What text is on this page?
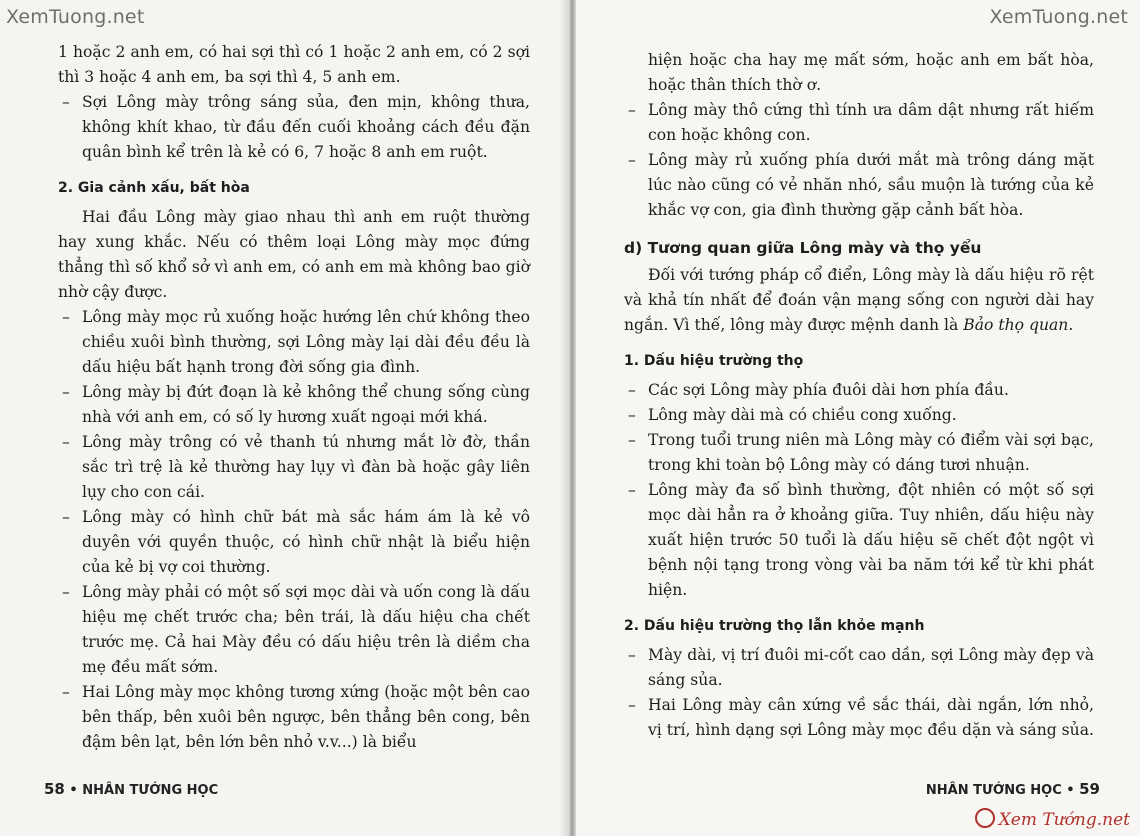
XemTuong.net

1 hoặc 2 anh em, có hai sợi thì có 1 hoặc 2 anh em, có 2 sợi thì 3 hoặc 4 anh em, ba sợi thì 4, 5 anh em.

– Sợi Lông mày trông sáng sủa, đen mịn, không thưa, không khít khao, từ đầu đến cuối khoảng cách đều đặn quân bình kể trên là kẻ có 6, 7 hoặc 8 anh em ruột.

2. Gia cảnh xấu, bất hòa

Hai đầu Lông mày giao nhau thì anh em ruột thường hay xung khắc. Nếu có thêm loại Lông mày mọc đứng thẳng thì số khổ sở vì anh em, có anh em mà không bao giờ nhờ cậy được.

– Lông mày mọc rủ xuống hoặc hướng lên chứ không theo chiều xuôi bình thường, sợi Lông mày lại dài đều đều là dấu hiệu bất hạnh trong đời sống gia đình.

– Lông mày bị đứt đoạn là kẻ không thể chung sống cùng nhà với anh em, có số ly hương xuất ngoại mới khá.

– Lông mày trông có vẻ thanh tú nhưng mắt lờ đờ, thần sắc trì trệ là kẻ thường hay lụy vì đàn bà hoặc gây liên lụy cho con cái.

– Lông mày có hình chữ bát mà sắc hám ám là kẻ vô duyên với quyền thuộc, có hình chữ nhật là biểu hiện của kẻ bị vợ coi thường.

– Lông mày phải có một số sợi mọc dài và uốn cong là dấu hiệu mẹ chết trước cha; bên trái, là dấu hiệu cha chết trước mẹ. Cả hai Mày đều có dấu hiệu trên là diềm cha mẹ đều mất sớm.

– Hai Lông mày mọc không tương xứng (hoặc một bên cao bên thấp, bên xuôi bên ngược, bên thẳng bên cong, bên đậm bên lạt, bên lớn bên nhỏ v.v...) là biểu

58 • NHÂN TƯỚNG HỌC
XemTuong.net

hiện hoặc cha hay mẹ mất sớm, hoặc anh em bất hòa, hoặc thân thích thờ ơ.

– Lông mày thô cứng thì tính ưa dâm dật nhưng rất hiếm con hoặc không con.

– Lông mày rủ xuống phía dưới mắt mà trông dáng mặt lúc nào cũng có vẻ nhăn nhó, sầu muộn là tướng của kẻ khắc vợ con, gia đình thường gặp cảnh bất hòa.

d) Tương quan giữa Lông mày và thọ yểu

Đối với tướng pháp cổ điển, Lông mày là dấu hiệu rõ rệt và khả tín nhất để đoán vận mạng sống con người dài hay ngắn. Vì thế, lông mày được mệnh danh là Bảo thọ quan.

1. Dấu hiệu trường thọ

– Các sợi Lông mày phía đuôi dài hơn phía đầu.

– Lông mày dài mà có chiều cong xuống.

– Trong tuổi trung niên mà Lông mày có điểm vài sợi bạc, trong khi toàn bộ Lông mày có dáng tươi nhuận.

– Lông mày đa số bình thường, đột nhiên có một số sợi mọc dài hẳn ra ở khoảng giữa. Tuy nhiên, dấu hiệu này xuất hiện trước 50 tuổi là dấu hiệu sẽ chết đột ngột vì bệnh nội tạng trong vòng vài ba năm tới kể từ khi phát hiện.

2. Dấu hiệu trường thọ lẫn khỏe mạnh

– Mày dài, vị trí đuôi mi-cốt cao dần, sợi Lông mày đẹp và sáng sủa.

– Hai Lông mày cân xứng về sắc thái, dài ngắn, lớn nhỏ, vị trí, hình dạng sợi Lông mày mọc đều dặn và sáng sủa.

NHÂN TƯỚNG HỌC • 59
Xem Tướng.net
